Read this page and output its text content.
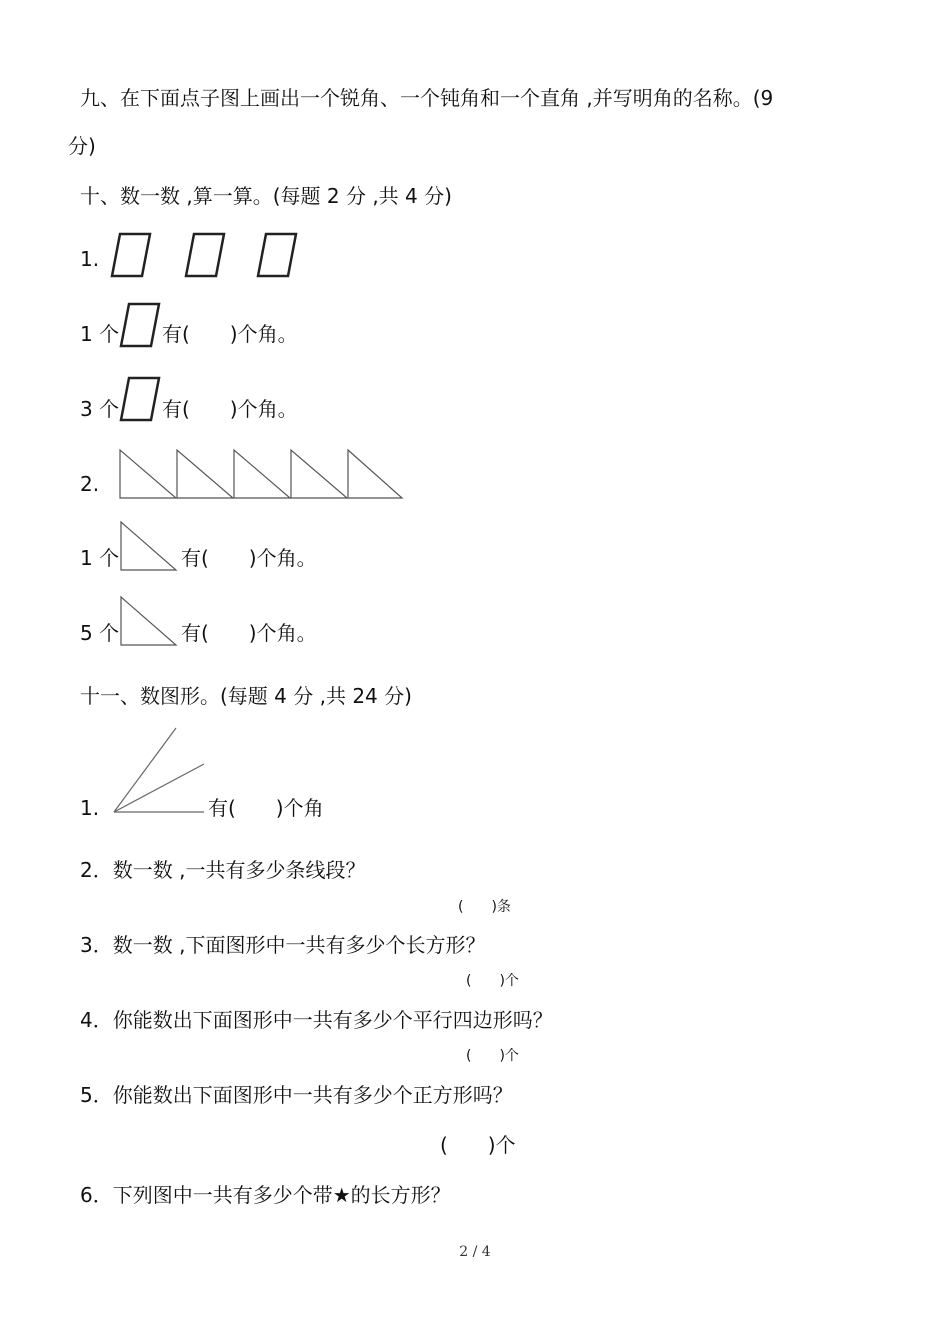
九、在下面点子图上画出一个锐角、一个钝角和一个直角 ,并写明角的名称。(9
分)
十、数一数 ,算一算。(每题 2 分 ,共 4 分)
1.
1 个 有(　　)个角。
3 个 有(　　)个角。
2.
1 个	有(　　)个角。
5 个	有(　　)个角。
十一、数图形。(每题 4 分 ,共 24 分)
1.	有(　　)个角
2．数一数 ,一共有多少条线段？
(　　)条
3．数一数 ,下面图形中一共有多少个长方形？
(　　)个
4．你能数出下面图形中一共有多少个平行四边形吗？
(　　)个
5．你能数出下面图形中一共有多少个正方形吗？
(　　)个
6．下列图中一共有多少个带★的长方形？
2 / 4
